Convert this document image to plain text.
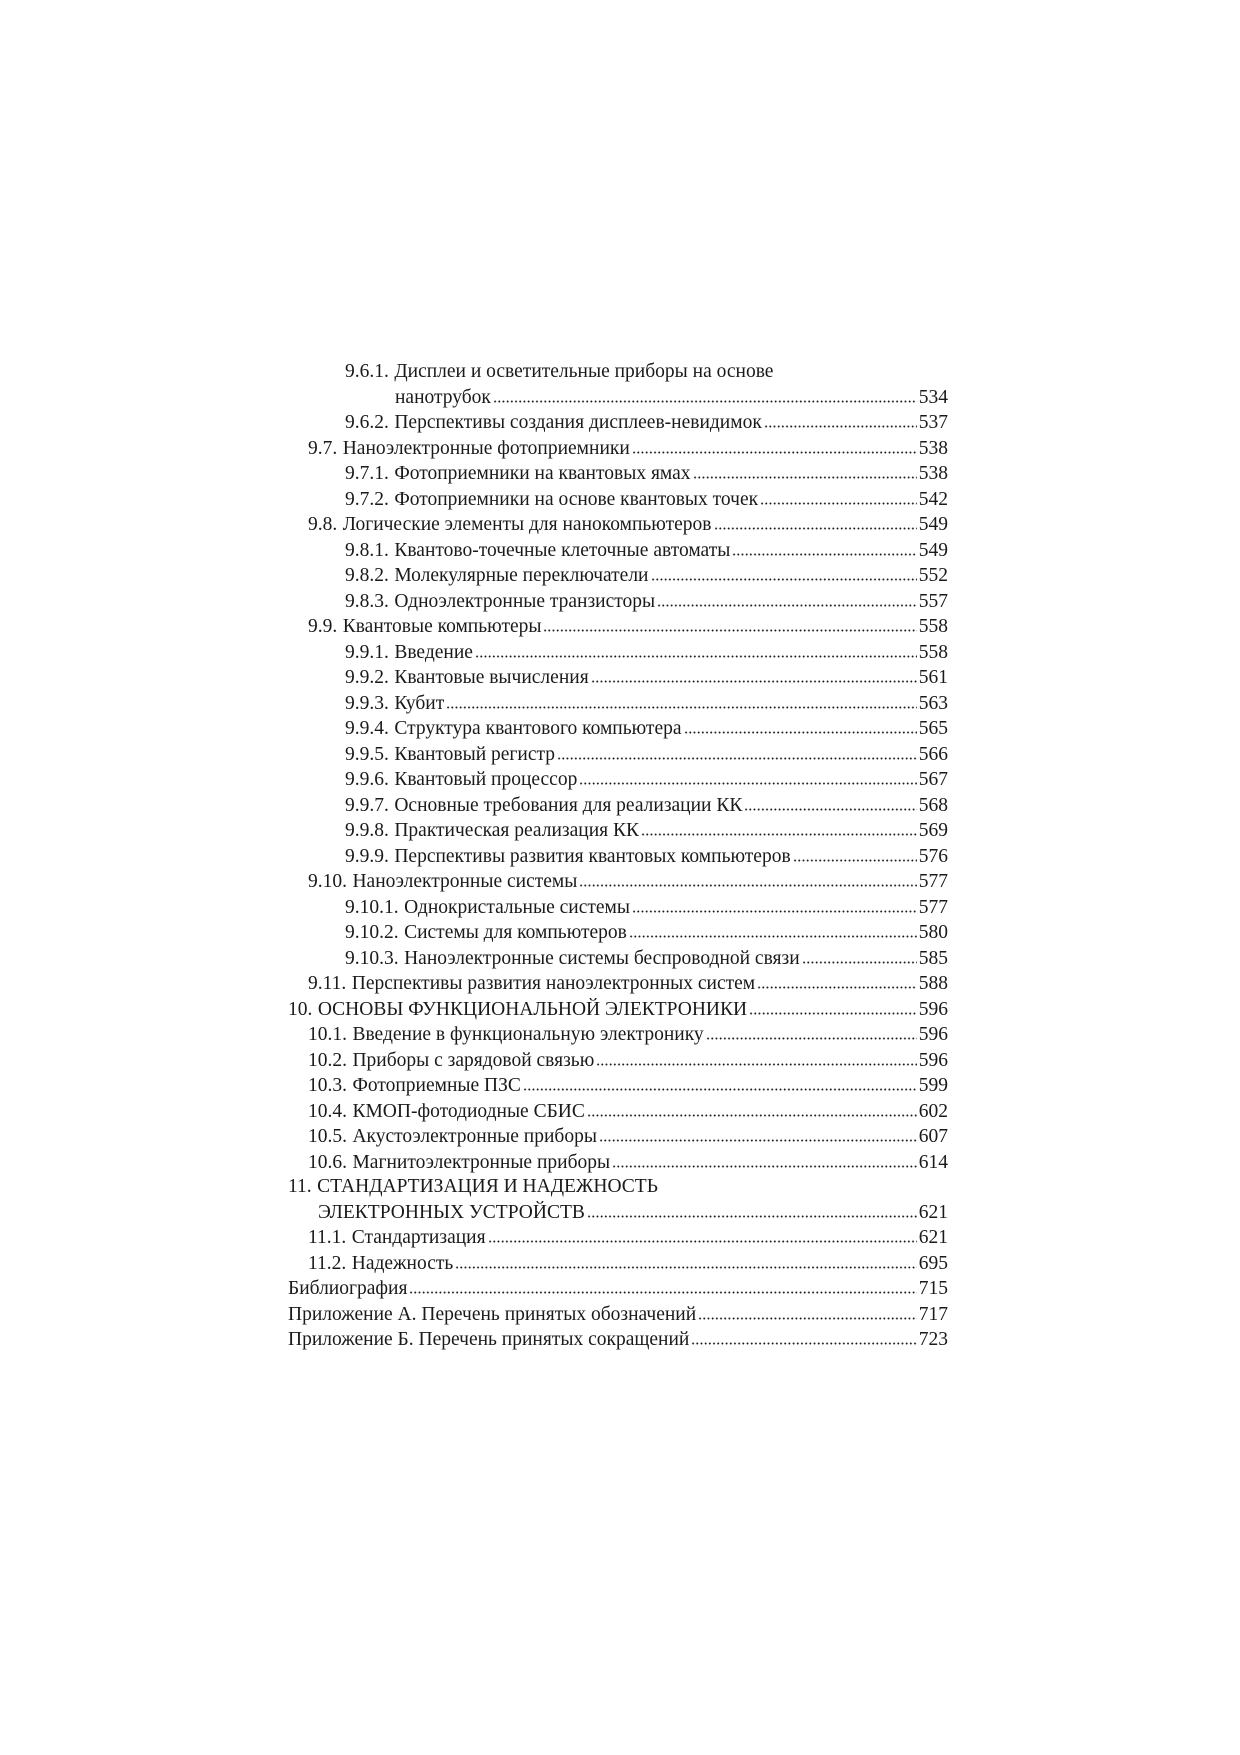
9.6.1. Дисплеи и осветительные приборы на основе
нанотрубок	534
9.6.2. Перспективы создания дисплеев-невидимок	537
9.7. Наноэлектронные фотоприемники	538
9.7.1. Фотоприемники на квантовых ямах	538
9.7.2. Фотоприемники на основе квантовых точек	542
9.8. Логические элементы для нанокомпьютеров	549
9.8.1. Квантово-точечные клеточные автоматы	549
9.8.2. Молекулярные переключатели	552
9.8.3. Одноэлектронные транзисторы	557
9.9. Квантовые компьютеры	558
9.9.1. Введение	558
9.9.2. Квантовые вычисления	561
9.9.3. Кубит	563
9.9.4. Структура квантового компьютера	565
9.9.5. Квантовый регистр	566
9.9.6. Квантовый процессор	567
9.9.7. Основные требования для реализации КК	568
9.9.8. Практическая реализация КК	569
9.9.9. Перспективы развития квантовых компьютеров	576
9.10. Наноэлектронные системы	577
9.10.1. Однокристальные системы	577
9.10.2. Системы для компьютеров	580
9.10.3. Наноэлектронные системы беспроводной связи	585
9.11. Перспективы развития наноэлектронных систем	588
10. ОСНОВЫ ФУНКЦИОНАЛЬНОЙ ЭЛЕКТРОНИКИ	596
10.1. Введение в функциональную электронику	596
10.2. Приборы с зарядовой связью	596
10.3. Фотоприемные ПЗС	599
10.4. КМОП-фотодиодные СБИС	602
10.5. Акустоэлектронные приборы	607
10.6. Магнитоэлектронные приборы	614
11. СТАНДАРТИЗАЦИЯ И НАДЕЖНОСТЬ
ЭЛЕКТРОННЫХ УСТРОЙСТВ	621
11.1. Стандартизация	621
11.2. Надежность	695
Библиография	715
Приложение А. Перечень принятых обозначений	717
Приложение Б. Перечень принятых сокращений	723
